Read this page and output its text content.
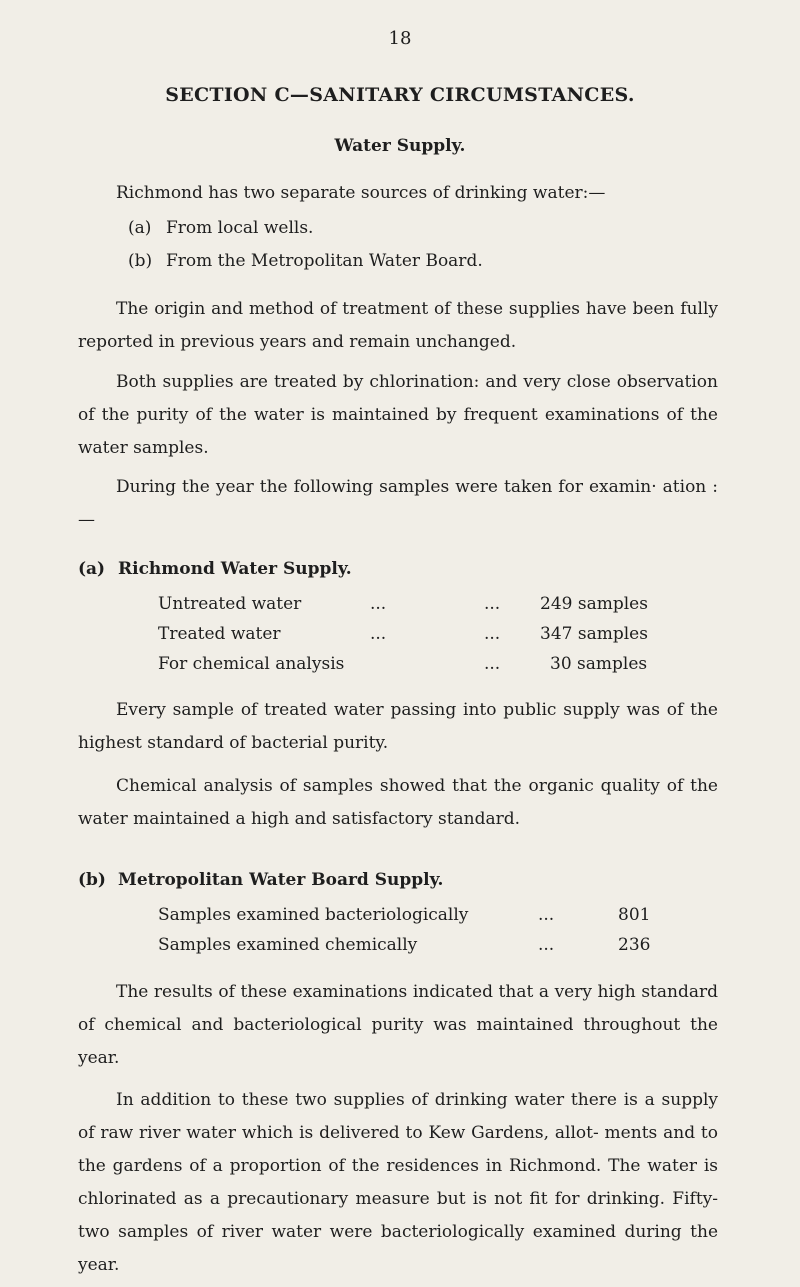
18
SECTION C—SANITARY CIRCUMSTANCES.
Water Supply.
Richmond has two separate sources of drinking water:—
(a) From local wells.
(b) From the Metropolitan Water Board.
The origin and method of treatment of these supplies have been fully reported in previous years and remain unchanged.
Both supplies are treated by chlorination: and very close observation of the purity of the water is maintained by frequent examinations of the water samples.
During the year the following samples were taken for examin· ation :—
(a) Richmond Water Supply.
Untreated water	...	... 249 samples
Treated water	...	... 347 samples
For chemical analysis	...	30 samples
Every sample of treated water passing into public supply was of the highest standard of bacterial purity.
Chemical analysis of samples showed that the organic quality of the water maintained a high and satisfactory standard.
(b) Metropolitan Water Board Supply.
Samples examined bacteriologically	...	801
Samples examined chemically	...	236
The results of these examinations indicated that a very high standard of chemical and bacteriological purity was maintained throughout the year.
In addition to these two supplies of drinking water there is a supply of raw river water which is delivered to Kew Gardens, allot- ments and to the gardens of a proportion of the residences in Richmond. The water is chlorinated as a precautionary measure but is not fit for drinking. Fifty-two samples of river water were bacteriologically examined during the year.
